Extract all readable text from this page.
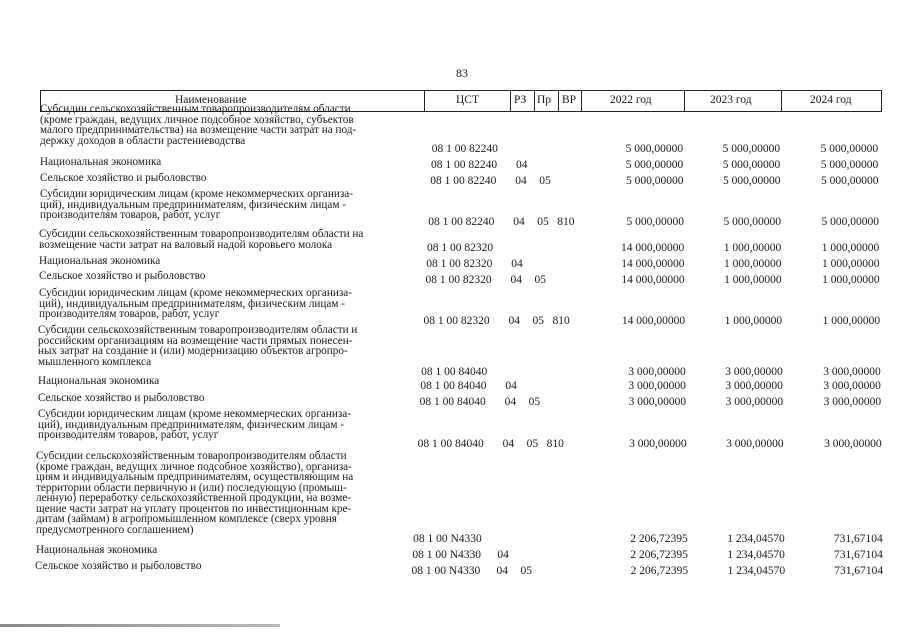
83
Наименование	ЦСТ	РЗ Пр ВР	2022 год	2023 год	2024 год
Субсидии сельскохозяйственным товаропроизводителям области
(кроме граждан, ведущих личное подсобное хозяйство, субъектов
малого предпринимательства) на возмещение части затрат на под-
держку доходов в области растениеводства
08 1 00 82240	5 000,00000	5 000,00000	5 000,00000
Национальная экономика	08 1 00 82240 04	5 000,00000	5 000,00000	5 000,00000
Сельское хозяйство и рыболовство	08 1 00 82240 04 05	5 000,00000	5 000,00000	5 000,00000
Субсидии юридическим лицам (кроме некоммерческих организа-
ций), индивидуальным предпринимателям, физическим лицам -
производителям товаров, работ, услуг
08 1 00 82240 04 05 810	5 000,00000	5 000,00000	5 000,00000
Субсидии сельскохозяйственным товаропроизводителям области на
возмещение части затрат на валовый надой коровьего молока	08 1 00 82320	14 000,00000	1 000,00000	1 000,00000
Национальная экономика	08 1 00 82320 04	14 000,00000	1 000,00000	1 000,00000
Сельское хозяйство и рыболовство	08 1 00 82320 04 05	14 000,00000	1 000,00000	1 000,00000
Субсидии юридическим лицам (кроме некоммерческих организа-
ций), индивидуальным предпринимателям, физическим лицам -
производителям товаров, работ, услуг
08 1 00 82320 04 05 810	14 000,00000	1 000,00000	1 000,00000
Субсидии сельскохозяйственным товаропроизводителям области и
российским организациям на возмещение части прямых понесен-
ных затрат на создание и (или) модернизацию объектов агропро-
мышленного комплекса
08 1 00 84040	3 000,00000	3 000,00000	3 000,00000
Национальная экономика	08 1 00 84040 04	3 000,00000	3 000,00000	3 000,00000
Сельское хозяйство и рыболовство	08 1 00 84040 04 05	3 000,00000	3 000,00000	3 000,00000
Субсидии юридическим лицам (кроме некоммерческих организа-
ций), индивидуальным предпринимателям, физическим лицам -
производителям товаров, работ, услуг
08 1 00 84040 04 05 810	3 000,00000	3 000,00000	3 000,00000
Субсидии сельскохозяйственным товаропроизводителям области
(кроме граждан, ведущих личное подсобное хозяйство), организа-
циям и индивидуальным предпринимателям, осуществляющим на
территории области первичную и (или) последующую (промыш-
ленную) переработку сельскохозяйственной продукции, на возме-
щение части затрат на уплату процентов по инвестиционным кре-
дитам (займам) в агропромышленном комплексе (сверх уровня
предусмотренного соглашением)
08 1 00 N4330	2 206,72395	1 234,04570	731,67104
Национальная экономика	08 1 00 N4330 04	2 206,72395	1 234,04570	731,67104
Сельское хозяйство и рыболовство	08 1 00 N4330 04 05	2 206,72395	1 234,04570	731,67104
